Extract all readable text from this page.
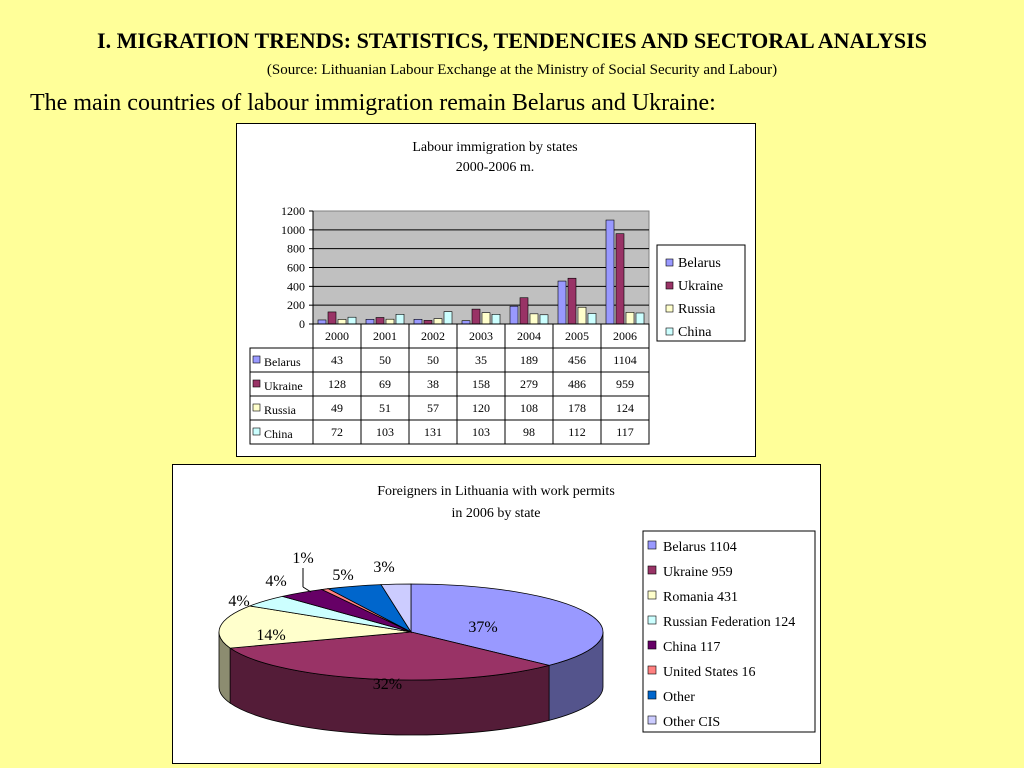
I. MIGRATION TRENDS: STATISTICS, TENDENCIES AND SECTORAL ANALYSIS
(Source: Lithuanian Labour Exchange at the Ministry of Social Security and Labour)
The main countries of labour immigration remain Belarus and Ukraine:
Labour immigration by states
2000-2006 m.
0
200
400
600
800
1000
1200
2000 2001 2002 2003 2004 2005 2006
Belarus	43	50	50	35	189	456 1104
Ukraine 128	69	38	158	279	486	959
Russia	49	51	57	120	108	178	124
China	72	103	131	103	98	112	117
Belarus
Ukraine
Russia
China
Foreigners in Lithuania with work permits
in 2006 by state
37%
32%
14%
4%
4%
1%
5% 3%
Belarus 1104
Ukraine 959
Romania 431
Russian Federation 124
China 117
United States 16
Other
Other CIS
